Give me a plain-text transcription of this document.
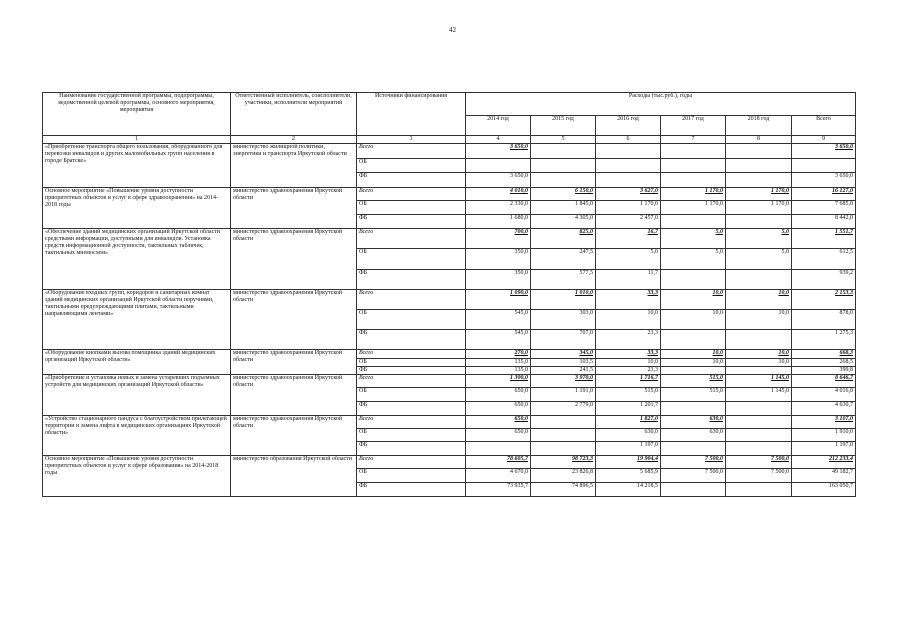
42
Наименование государственной программы, подпрограммы, ведомственной целевой программы, основного мероприятия, мероприятия	Ответственный исполнитель, соисполнители, участники, исполнители мероприятий	Источники финансирования	Расходы (тыс.руб.), годы					
			2014 год	2015 год	2016 год	2017 год	2018 год	Всего
1	2	3	4	5	6	7	8	9
«Приобретение транспорта общего пользования, оборудованного для перевозки инвалидов и других маломобильных групп населения в городе Братске»	министерство жилищной политики, энергетики и транспорта Иркутской области	Всего	3 650,0					3 650,0
		ОБ						
		ФБ	3 650,0					3 650,0
Основное мероприятие «Повышение уровня доступности приоритетных объектов и услуг в сфере здравоохранения» на 2014-2018 годы	министерство здравоохранения Иркутской области	Всего	4 010,0	6 150,0	3 627,0	1 170,0	1 170,0	16 127,0
		ОБ	2 330,0	1 845,0	1 170,0	1 170,0	1 170,0	7 685,0
		ФБ	1 680,0	4 305,0	2 457,0			8 442,0
«Обеспечение зданий медицинских организаций Иркутской области средствами информации, доступными для инвалидов. Установка средств информационной доступности, тактильных табличек, тактильных мнемосхем»	министерство здравоохранения Иркутской области	Всего	700,0	825,0	16,7	5,0	5,0	1 551,7
		ОБ	350,0	247,5	5,0	5,0	5,0	612,5
		ФБ	350,0	577,5	11,7			939,2
«Оборудование входных групп, коридоров и санитарных комнат зданий медицинских организаций Иркутской области поручнями, тактильными предупреждающими плитами, тактильными направляющими лентами»	министерство здравоохранения Иркутской области	Всего	1 090,0	1 010,0	33,3	10,0	10,0	2 153,3
		ОБ	545,0	303,0	10,0	10,0	10,0	878,0
		ФБ	545,0	707,0	23,3			1 275,3
«Оборудование кнопками вызова помощника зданий медицинских организаций Иркутской области»	министерство здравоохранения Иркутской области	Всего	270,0	345,0	33,3	10,0	10,0	668,3
		ОБ	135,0	103,5	10,0	10,0	10,0	268,5
		ФБ	135,0	241,5	23,3			399,8
«Приобретение и установка новых и замена устаревших подъемных устройств для медицинских организаций Иркутской области»	министерство здравоохранения Иркутской области	Всего	1 300,0	3 970,0	1 716,7	515,0	1 145,0	8 646,7
		ОБ	650,0	1 191,0	515,0	515,0	1 145,0	4 016,0
		ФБ	650,0	2 779,0	1 201,7			4 630,7
«Устройство стационарного пандуса с благоустройством прилегающей территории и замена лифта в медицинских организациях Иркутской области»	министерство здравоохранения Иркутской области	Всего	650,0		1 827,0	630,0		3 107,0
		ОБ	650,0		630,0	630,0		1 910,0
		ФБ			1 197,0			1 197,0
Основное мероприятие «Повышение уровня доступности приоритетных объектов и услуг в сфере образования» на 2014-2018 годы	министерство образования Иркутской области	Всего	78 605,7	98 723,3	19 904,4	7 500,0	7 500,0	212 233,4
		ОБ	4 670,0	23 826,8	5 685,9	7 500,0	7 500,0	49 182,7
		ФБ	73 935,7	74 896,5	14 218,5			163 050,7
